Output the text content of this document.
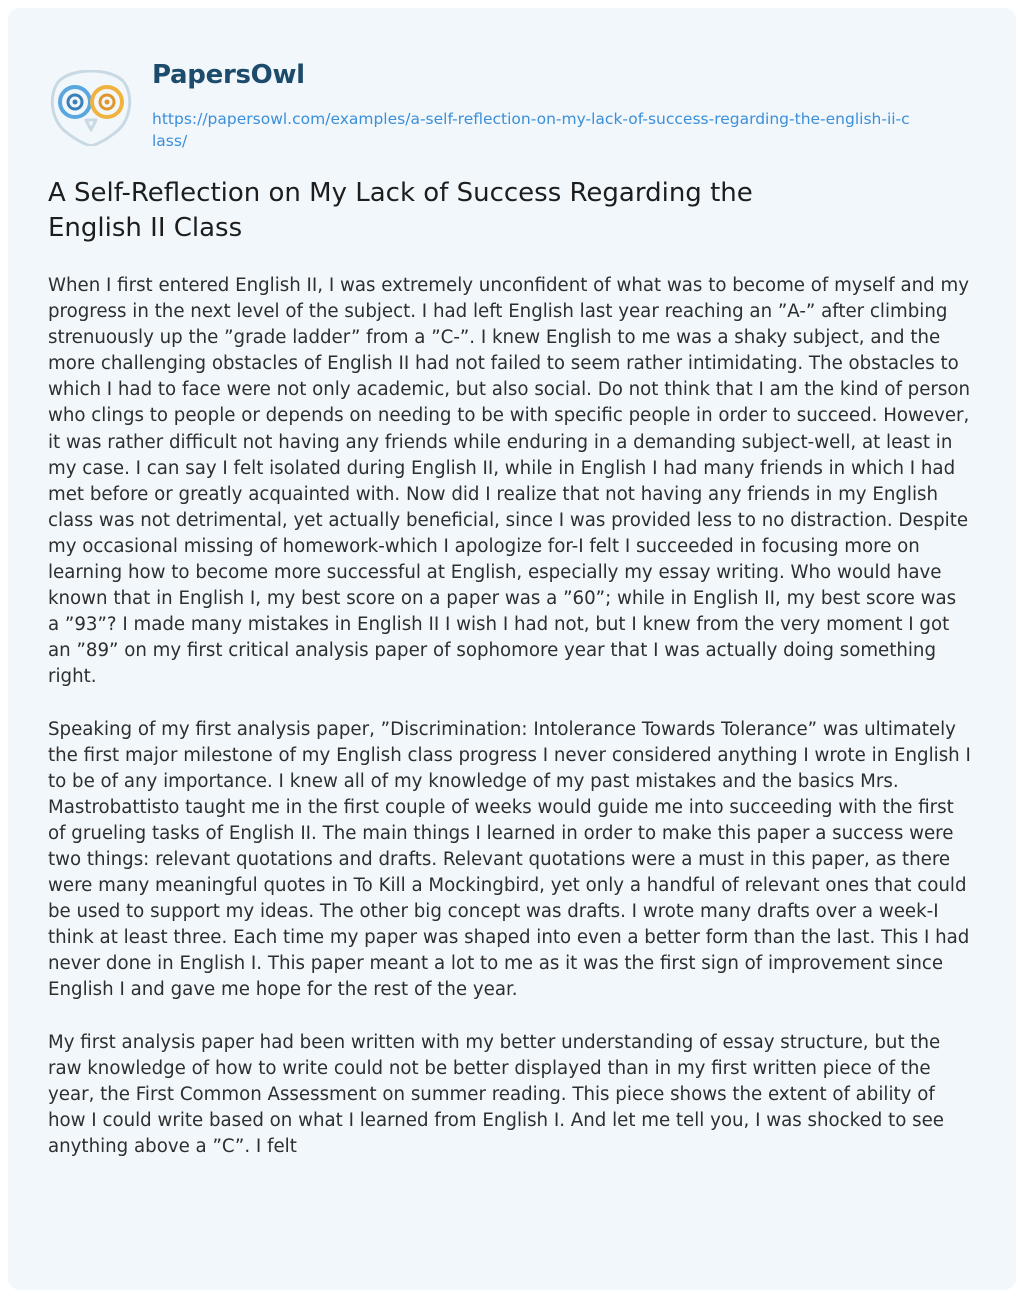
PapersOwl
https://papersowl.com/examples/a-self-reflection-on-my-lack-of-success-regarding-the-english-ii-class/
A Self-Reflection on My Lack of Success Regarding the English II Class

When I first entered English II, I was extremely unconfident of what was to become of myself and my progress in the next level of the subject. I had left English last year reaching an ”A-” after climbing strenuously up the ”grade ladder” from a ”C-”. I knew English to me was a shaky subject, and the more challenging obstacles of English II had not failed to seem rather intimidating. The obstacles to which I had to face were not only academic, but also social. Do not think that I am the kind of person who clings to people or depends on needing to be with specific people in order to succeed. However, it was rather difficult not having any friends while enduring in a demanding subject-well, at least in my case. I can say I felt isolated during English II, while in English I had many friends in which I had met before or greatly acquainted with. Now did I realize that not having any friends in my English class was not detrimental, yet actually beneficial, since I was provided less to no distraction. Despite my occasional missing of homework-which I apologize for-I felt I succeeded in focusing more on learning how to become more successful at English, especially my essay writing. Who would have known that in English I, my best score on a paper was a ”60”; while in English II, my best score was a ”93”? I made many mistakes in English II I wish I had not, but I knew from the very moment I got an ”89” on my first critical analysis paper of sophomore year that I was actually doing something right.

Speaking of my first analysis paper, ”Discrimination: Intolerance Towards Tolerance” was ultimately the first major milestone of my English class progress I never considered anything I wrote in English I to be of any importance. I knew all of my knowledge of my past mistakes and the basics Mrs. Mastrobattisto taught me in the first couple of weeks would guide me into succeeding with the first of grueling tasks of English II. The main things I learned in order to make this paper a success were two things: relevant quotations and drafts. Relevant quotations were a must in this paper, as there were many meaningful quotes in To Kill a Mockingbird, yet only a handful of relevant ones that could be used to support my ideas. The other big concept was drafts. I wrote many drafts over a week-I think at least three. Each time my paper was shaped into even a better form than the last. This I had never done in English I. This paper meant a lot to me as it was the first sign of improvement since English I and gave me hope for the rest of the year.

My first analysis paper had been written with my better understanding of essay structure, but the raw knowledge of how to write could not be better displayed than in my first written piece of the year, the First Common Assessment on summer reading. This piece shows the extent of ability of how I could write based on what I learned from English I. And let me tell you, I was shocked to see anything above a ”C”. I felt
